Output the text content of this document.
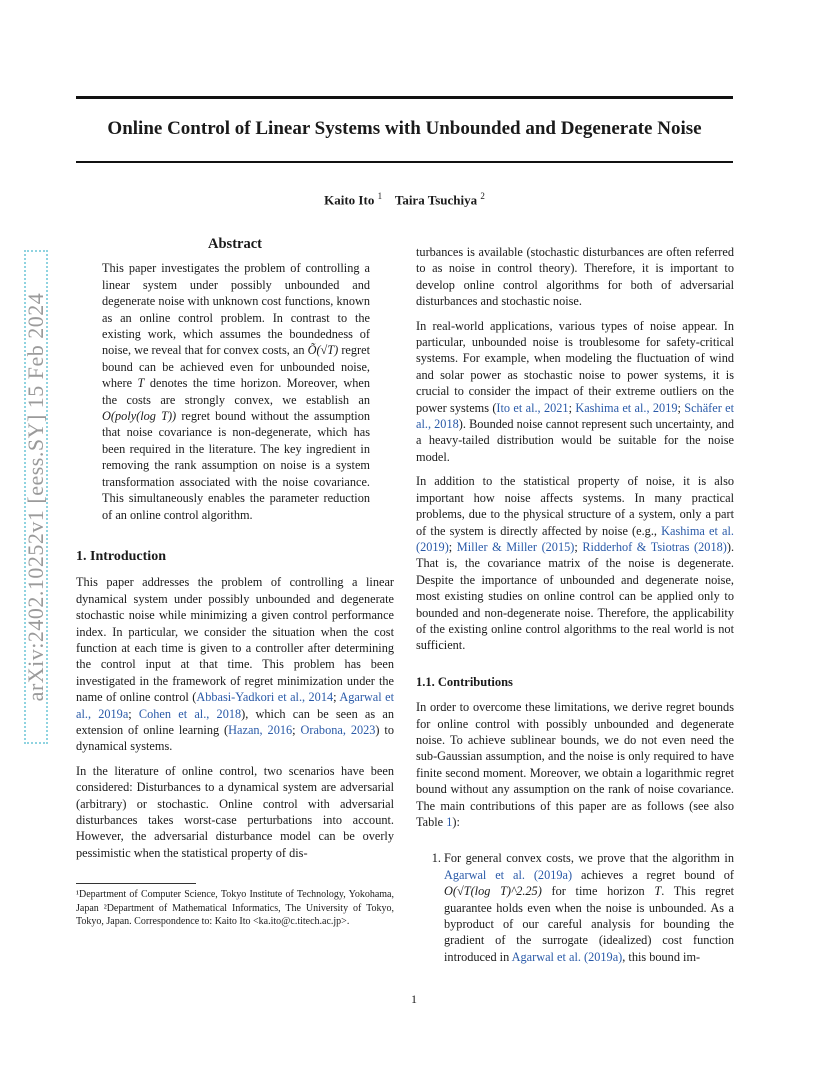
Online Control of Linear Systems with Unbounded and Degenerate Noise
Kaito Ito $^1$ Taira Tsuchiya $^2$
arXiv:2402.10252v1 [eess.SY] 15 Feb 2024
Abstract
This paper investigates the problem of controlling a linear system under possibly unbounded and degenerate noise with unknown cost functions, known as an online control problem. In contrast to the existing work, which assumes the boundedness of noise, we reveal that for convex costs, an Õ(√T) regret bound can be achieved even for unbounded noise, where T denotes the time horizon. Moreover, when the costs are strongly convex, we establish an O(poly(log T)) regret bound without the assumption that noise covariance is non-degenerate, which has been required in the literature. The key ingredient in removing the rank assumption on noise is a system transformation associated with the noise covariance. This simultaneously enables the parameter reduction of an online control algorithm.
1. Introduction

This paper addresses the problem of controlling a linear dynamical system under possibly unbounded and degenerate stochastic noise while minimizing a given control performance index. In particular, we consider the situation when the cost function at each time is given to a controller after determining the control input at that time. This problem has been investigated in the framework of regret minimization under the name of online control (Abbasi-Yadkori et al., 2014; Agarwal et al., 2019a; Cohen et al., 2018), which can be seen as an extension of online learning (Hazan, 2016; Orabona, 2023) to dynamical systems.

In the literature of online control, two scenarios have been considered: Disturbances to a dynamical system are adversarial (arbitrary) or stochastic. Online control with adversarial disturbances takes worst-case perturbations into account. However, the adversarial disturbance model can be overly pessimistic when the statistical property of dis-

¹Department of Computer Science, Tokyo Institute of Technology, Yokohama, Japan ²Department of Mathematical Informatics, The University of Tokyo, Tokyo, Japan. Correspondence to: Kaito Ito <ka.ito@c.titech.ac.jp>.

turbances is available (stochastic disturbances are often referred to as noise in control theory). Therefore, it is important to develop online control algorithms for both of adversarial disturbances and stochastic noise.

In real-world applications, various types of noise appear. In particular, unbounded noise is troublesome for safety-critical systems. For example, when modeling the fluctuation of wind and solar power as stochastic noise to power systems, it is crucial to consider the impact of their extreme outliers on the power systems (Ito et al., 2021; Kashima et al., 2019; Schäfer et al., 2018). Bounded noise cannot represent such uncertainty, and a heavy-tailed distribution would be suitable for the noise model.

In addition to the statistical property of noise, it is also important how noise affects systems. In many practical problems, due to the physical structure of a system, only a part of the system is directly affected by noise (e.g., Kashima et al. (2019); Miller & Miller (2015); Ridderhof & Tsiotras (2018)). That is, the covariance matrix of the noise is degenerate. Despite the importance of unbounded and degenerate noise, most existing studies on online control can be applied only to bounded and non-degenerate noise. Therefore, the applicability of the existing online control algorithms to the real world is not sufficient.

1.1. Contributions

In order to overcome these limitations, we derive regret bounds for online control with possibly unbounded and degenerate noise. To achieve sublinear bounds, we do not even need the sub-Gaussian assumption, and the noise is only required to have finite second moment. Moreover, we obtain a logarithmic regret bound without any assumption on the rank of noise covariance. The main contributions of this paper are as follows (see also Table 1):

1. For general convex costs, we prove that the algorithm in Agarwal et al. (2019a) achieves a regret bound of O(√T(log T)^2.25) for time horizon T. This regret guarantee holds even when the noise is unbounded. As a byproduct of our careful analysis for bounding the gradient of the surrogate (idealized) cost function introduced in Agarwal et al. (2019a), this bound im-
1
